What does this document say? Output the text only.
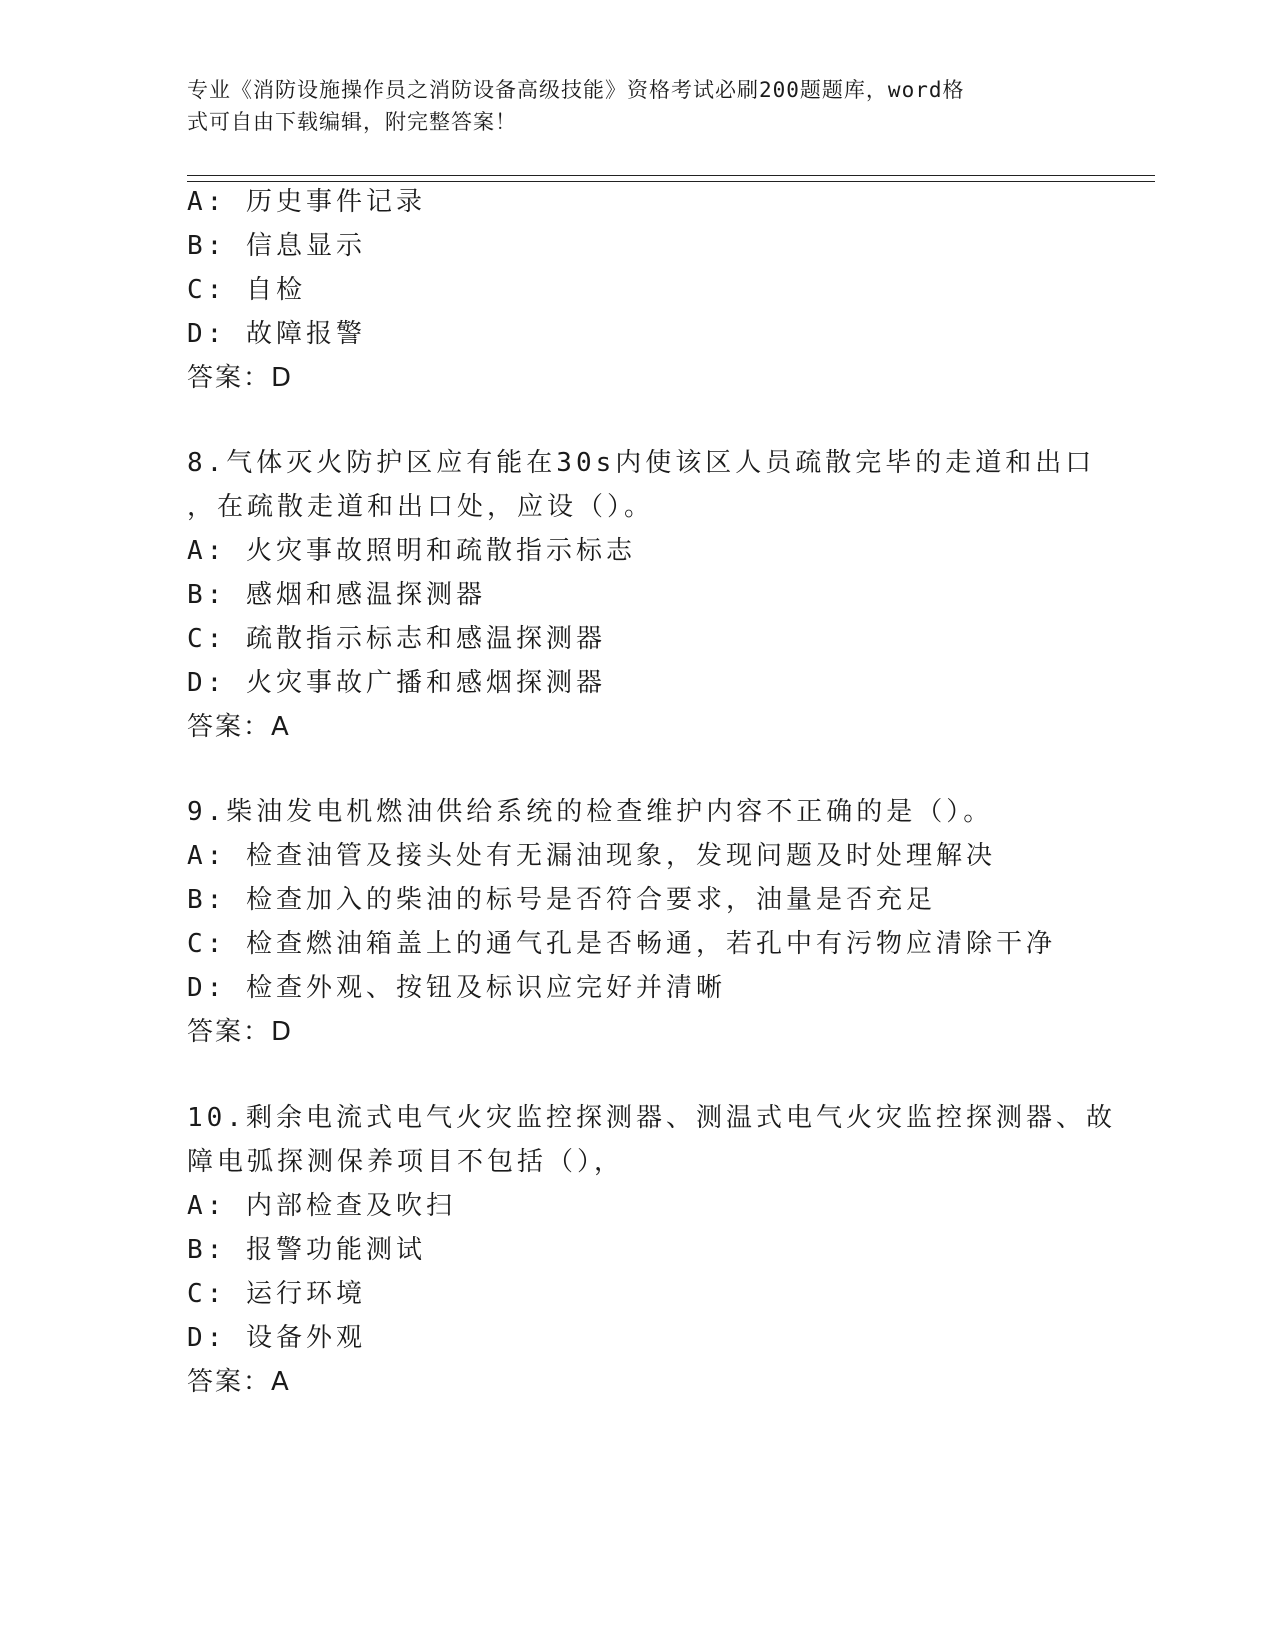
专业《消防设施操作员之消防设备高级技能》资格考试必刷200题题库，word格
式可自由下载编辑，附完整答案！
A: 历史事件记录
B: 信息显示
C: 自检
D: 故障报警
答案：D
8.气体灭火防护区应有能在30s内使该区人员疏散完毕的走道和出口
，在疏散走道和出口处，应设（）。
A: 火灾事故照明和疏散指示标志
B: 感烟和感温探测器
C: 疏散指示标志和感温探测器
D: 火灾事故广播和感烟探测器
答案：A
9.柴油发电机燃油供给系统的检查维护内容不正确的是（）。
A: 检查油管及接头处有无漏油现象，发现问题及时处理解决
B: 检查加入的柴油的标号是否符合要求，油量是否充足
C: 检查燃油箱盖上的通气孔是否畅通，若孔中有污物应清除干净
D: 检查外观、按钮及标识应完好并清晰
答案：D
10.剩余电流式电气火灾监控探测器、测温式电气火灾监控探测器、故
障电弧探测保养项目不包括（），
A: 内部检查及吹扫
B: 报警功能测试
C: 运行环境
D: 设备外观
答案：A
